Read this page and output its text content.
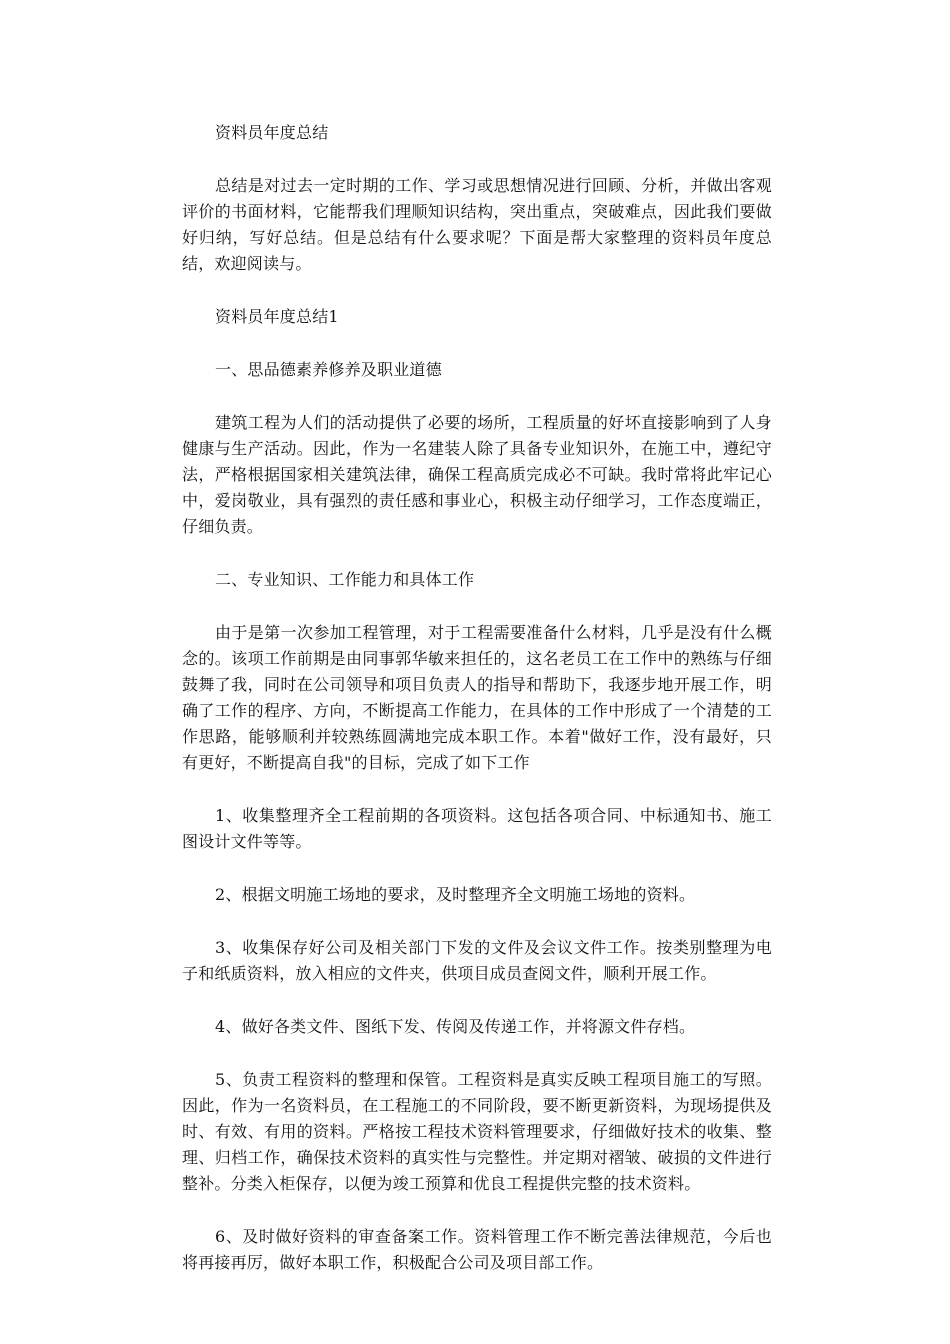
资料员年度总结

总结是对过去一定时期的工作、学习或思想情况进行回顾、分析，并做出客观评价的书面材料，它能帮我们理顺知识结构，突出重点，突破难点，因此我们要做好归纳，写好总结。但是总结有什么要求呢？下面是帮大家整理的资料员年度总结，欢迎阅读与。

资料员年度总结1

一、思品德素养修养及职业道德

建筑工程为人们的活动提供了必要的场所，工程质量的好坏直接影响到了人身健康与生产活动。因此，作为一名建装人除了具备专业知识外，在施工中，遵纪守法，严格根据国家相关建筑法律，确保工程高质完成必不可缺。我时常将此牢记心中，爱岗敬业，具有强烈的责任感和事业心，积极主动仔细学习，工作态度端正，仔细负责。

二、专业知识、工作能力和具体工作

由于是第一次参加工程管理，对于工程需要准备什么材料，几乎是没有什么概念的。该项工作前期是由同事郭华敏来担任的，这名老员工在工作中的熟练与仔细鼓舞了我，同时在公司领导和项目负责人的指导和帮助下，我逐步地开展工作，明确了工作的程序、方向，不断提高工作能力，在具体的工作中形成了一个清楚的工作思路，能够顺利并较熟练圆满地完成本职工作。本着"做好工作，没有最好，只有更好，不断提高自我"的目标，完成了如下工作

1、收集整理齐全工程前期的各项资料。这包括各项合同、中标通知书、施工图设计文件等等。

2、根据文明施工场地的要求，及时整理齐全文明施工场地的资料。

3、收集保存好公司及相关部门下发的文件及会议文件工作。按类别整理为电子和纸质资料，放入相应的文件夹，供项目成员查阅文件，顺利开展工作。

4、做好各类文件、图纸下发、传阅及传递工作，并将源文件存档。

5、负责工程资料的整理和保管。工程资料是真实反映工程项目施工的写照。因此，作为一名资料员，在工程施工的不同阶段，要不断更新资料，为现场提供及时、有效、有用的资料。严格按工程技术资料管理要求，仔细做好技术的收集、整理、归档工作，确保技术资料的真实性与完整性。并定期对褶皱、破损的文件进行整补。分类入柜保存，以便为竣工预算和优良工程提供完整的技术资料。

6、及时做好资料的审查备案工作。资料管理工作不断完善法律规范，今后也将再接再厉，做好本职工作，积极配合公司及项目部工作。
